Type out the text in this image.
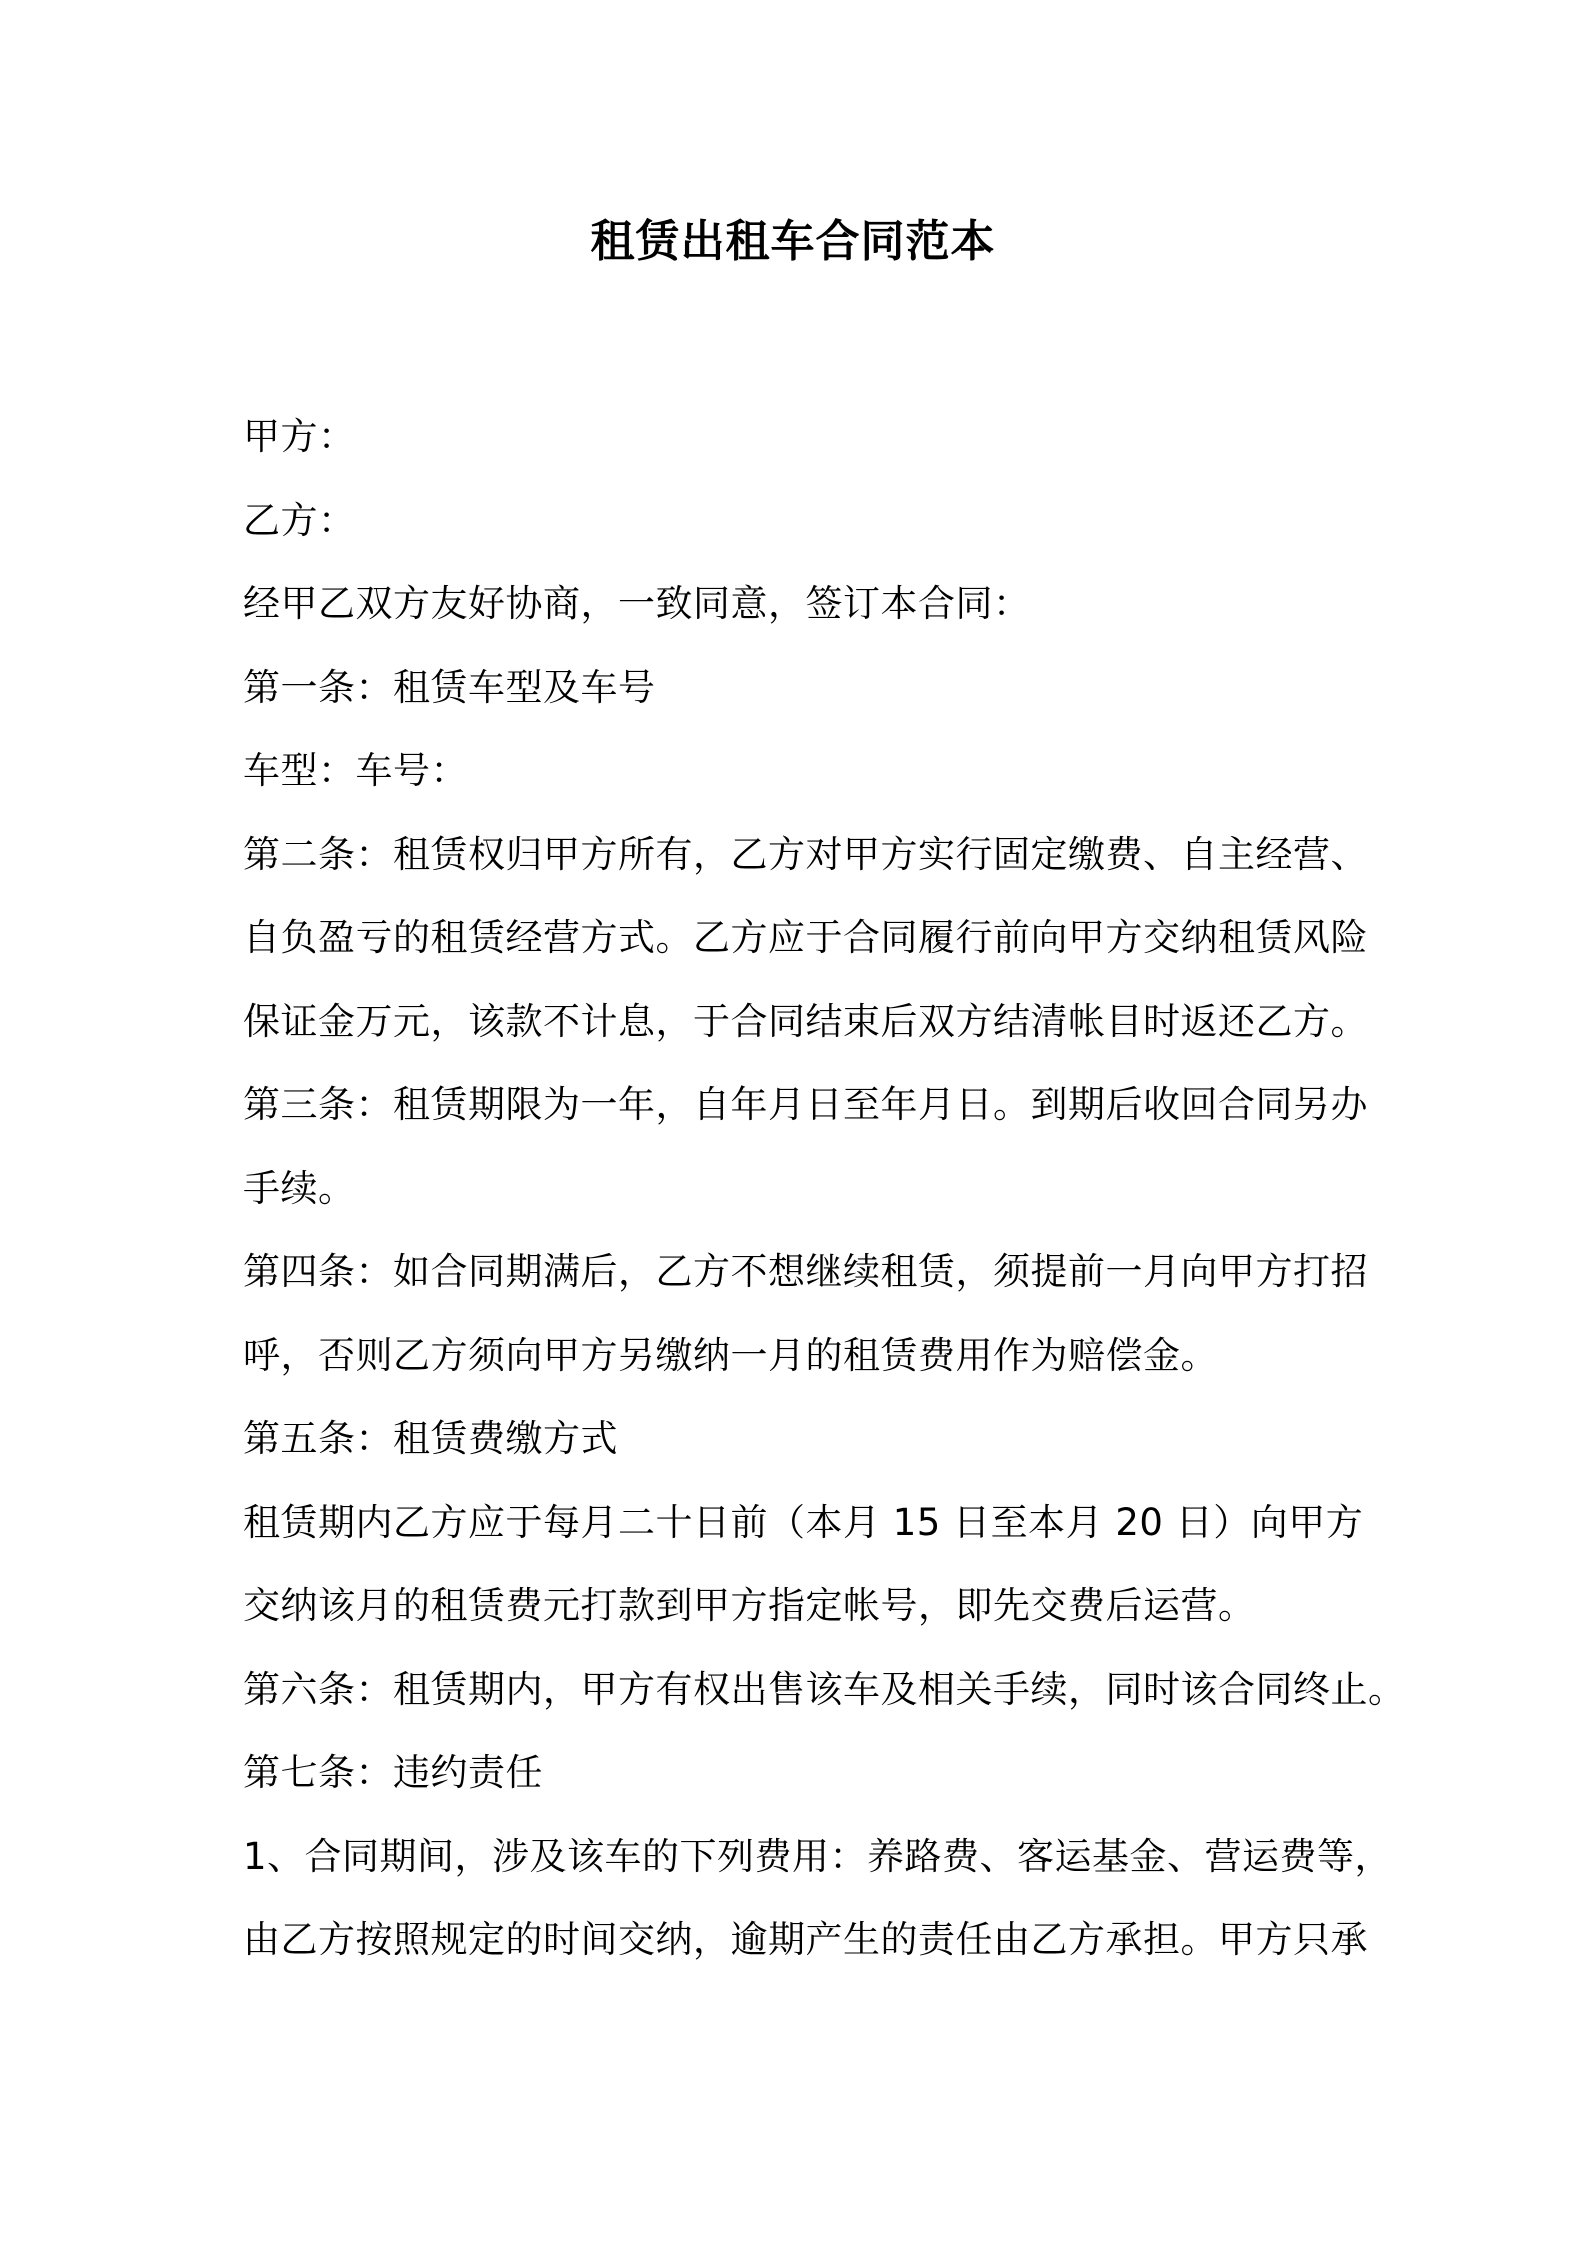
租赁出租车合同范本
甲方：
乙方：
经甲乙双方友好协商，一致同意，签订本合同：
第一条：租赁车型及车号
车型：车号：
第二条：租赁权归甲方所有，乙方对甲方实行固定缴费、自主经营、
自负盈亏的租赁经营方式。乙方应于合同履行前向甲方交纳租赁风险
保证金万元，该款不计息，于合同结束后双方结清帐目时返还乙方。
第三条：租赁期限为一年，自年月日至年月日。到期后收回合同另办
手续。
第四条：如合同期满后，乙方不想继续租赁，须提前一月向甲方打招
呼，否则乙方须向甲方另缴纳一月的租赁费用作为赔偿金。
第五条：租赁费缴方式
租赁期内乙方应于每月二十日前（本月 15 日至本月 20 日）向甲方
交纳该月的租赁费元打款到甲方指定帐号，即先交费后运营。
第六条：租赁期内，甲方有权出售该车及相关手续，同时该合同终止。
第七条：违约责任
1、合同期间，涉及该车的下列费用：养路费、客运基金、营运费等，
由乙方按照规定的时间交纳，逾期产生的责任由乙方承担。甲方只承
